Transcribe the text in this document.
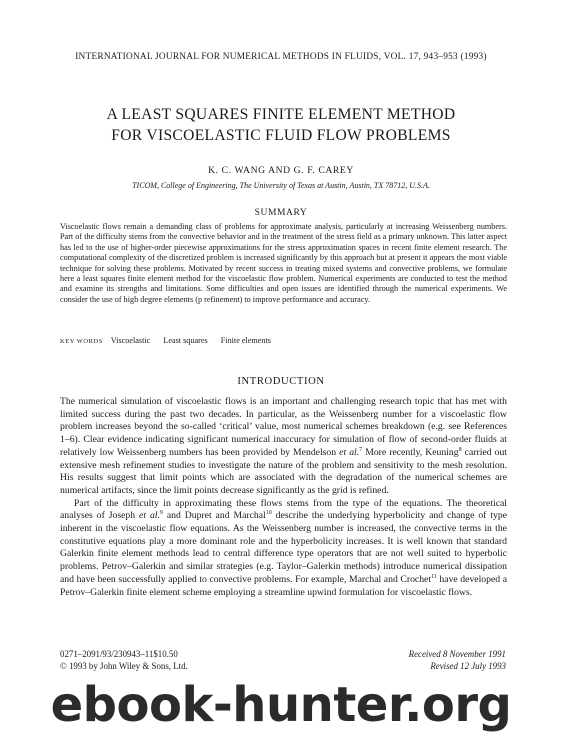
INTERNATIONAL JOURNAL FOR NUMERICAL METHODS IN FLUIDS, VOL. 17, 943–953 (1993)
A LEAST SQUARES FINITE ELEMENT METHOD
FOR VISCOELASTIC FLUID FLOW PROBLEMS
K. C. WANG AND G. F. CAREY
TICOM, College of Engineering, The University of Texas at Austin, Austin, TX 78712, U.S.A.
SUMMARY
Viscoelastic flows remain a demanding class of problems for approximate analysis, particularly at increasing Weissenberg numbers. Part of the difficulty stems from the convective behavior and in the treatment of the stress field as a primary unknown. This latter aspect has led to the use of higher-order piecewise approximations for the stress approximation spaces in recent finite element research. The computational complexity of the discretized problem is increased significantly by this approach but at present it appears the most viable technique for solving these problems. Motivated by recent success in treating mixed systems and convective problems, we formulate here a least squares finite element method for the viscoelastic flow problem. Numerical experiments are conducted to test the method and examine its strengths and limitations. Some difficulties and open issues are identified through the numerical experiments. We consider the use of high degree elements (p refinement) to improve performance and accuracy.
KEY WORDS Viscoelastic Least squares Finite elements
INTRODUCTION

The numerical simulation of viscoelastic flows is an important and challenging research topic that has met with limited success during the past two decades. In particular, as the Weissenberg number for a viscoelastic flow problem increases beyond the so-called ‘critical’ value, most numerical schemes breakdown (e.g. see References 1–6). Clear evidence indicating significant numerical inaccuracy for simulation of flow of second-order fluids at relatively low Weissenberg numbers has been provided by Mendelson et al.$^7$ More recently, Keuning$^8$ carried out extensive mesh refinement studies to investigate the nature of the problem and sensitivity to the mesh resolution. His results suggest that limit points which are associated with the degradation of the numerical schemes are numerical artifacts, since the limit points decrease significantly as the grid is refined.

Part of the difficulty in approximating these flows stems from the type of the equations. The theoretical analyses of Joseph et al.$^9$ and Dupret and Marchal$^{10}$ describe the underlying hyperbolicity and change of type inherent in the viscoelastic flow equations. As the Weissenberg number is increased, the convective terms in the constitutive equations play a more dominant role and the hyperbolicity increases. It is well known that standard Galerkin finite element methods lead to central difference type operators that are not well suited to hyperbolic problems. Petrov–Galerkin and similar strategies (e.g. Taylor–Galerkin methods) introduce numerical dissipation and have been successfully applied to convective problems. For example, Marchal and Crochet$^{11}$ have developed a Petrov–Galerkin finite element scheme employing a streamline upwind formulation for viscoelastic flows.

0271–2091/93/230943–11$10.50
© 1993 by John Wiley & Sons, Ltd.
Received 8 November 1991
Revised 12 July 1993
ebook-hunter.org
